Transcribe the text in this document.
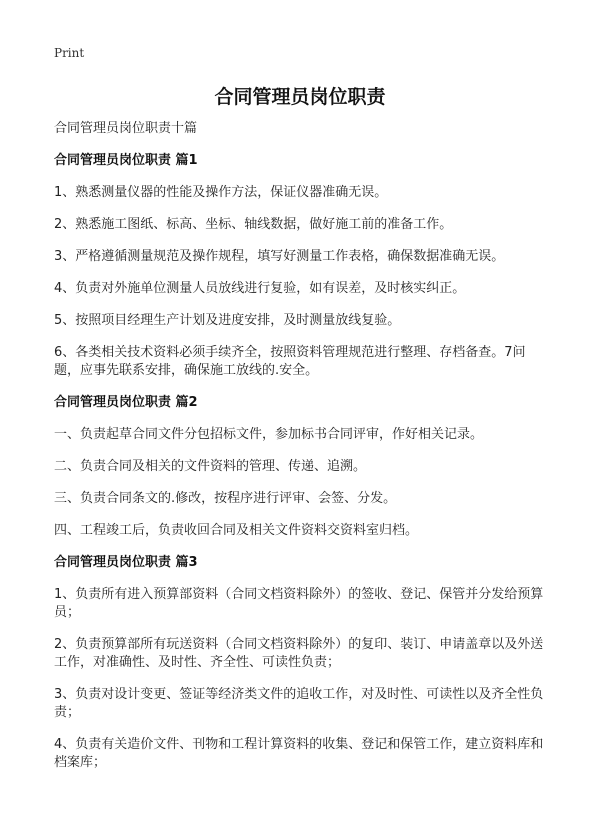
Print
合同管理员岗位职责

合同管理员岗位职责十篇

合同管理员岗位职责 篇1

1、熟悉测量仪器的性能及操作方法，保证仪器准确无误。

2、熟悉施工图纸、标高、坐标、轴线数据，做好施工前的准备工作。

3、严格遵循测量规范及操作规程，填写好测量工作表格，确保数据准确无误。

4、负责对外施单位测量人员放线进行复验，如有误差，及时核实纠正。

5、按照项目经理生产计划及进度安排，及时测量放线复验。

6、各类相关技术资料必须手续齐全，按照资料管理规范进行整理、存档备查。7问题，应事先联系安排，确保施工放线的.安全。

合同管理员岗位职责 篇2

一、负责起草合同文件分包招标文件，参加标书合同评审，作好相关记录。

二、负责合同及相关的文件资料的管理、传递、追溯。

三、负责合同条文的.修改，按程序进行评审、会签、分发。

四、工程竣工后，负责收回合同及相关文件资料交资料室归档。

合同管理员岗位职责 篇3

1、负责所有进入预算部资料（合同文档资料除外）的签收、登记、保管并分发给预算员；

2、负责预算部所有玩送资料（合同文档资料除外）的复印、装订、申请盖章以及外送工作，对准确性、及时性、齐全性、可读性负责；

3、负责对设计变更、签证等经济类文件的追收工作，对及时性、可读性以及齐全性负责；

4、负责有关造价文件、刊物和工程计算资料的收集、登记和保管工作，建立资料库和档案库；
